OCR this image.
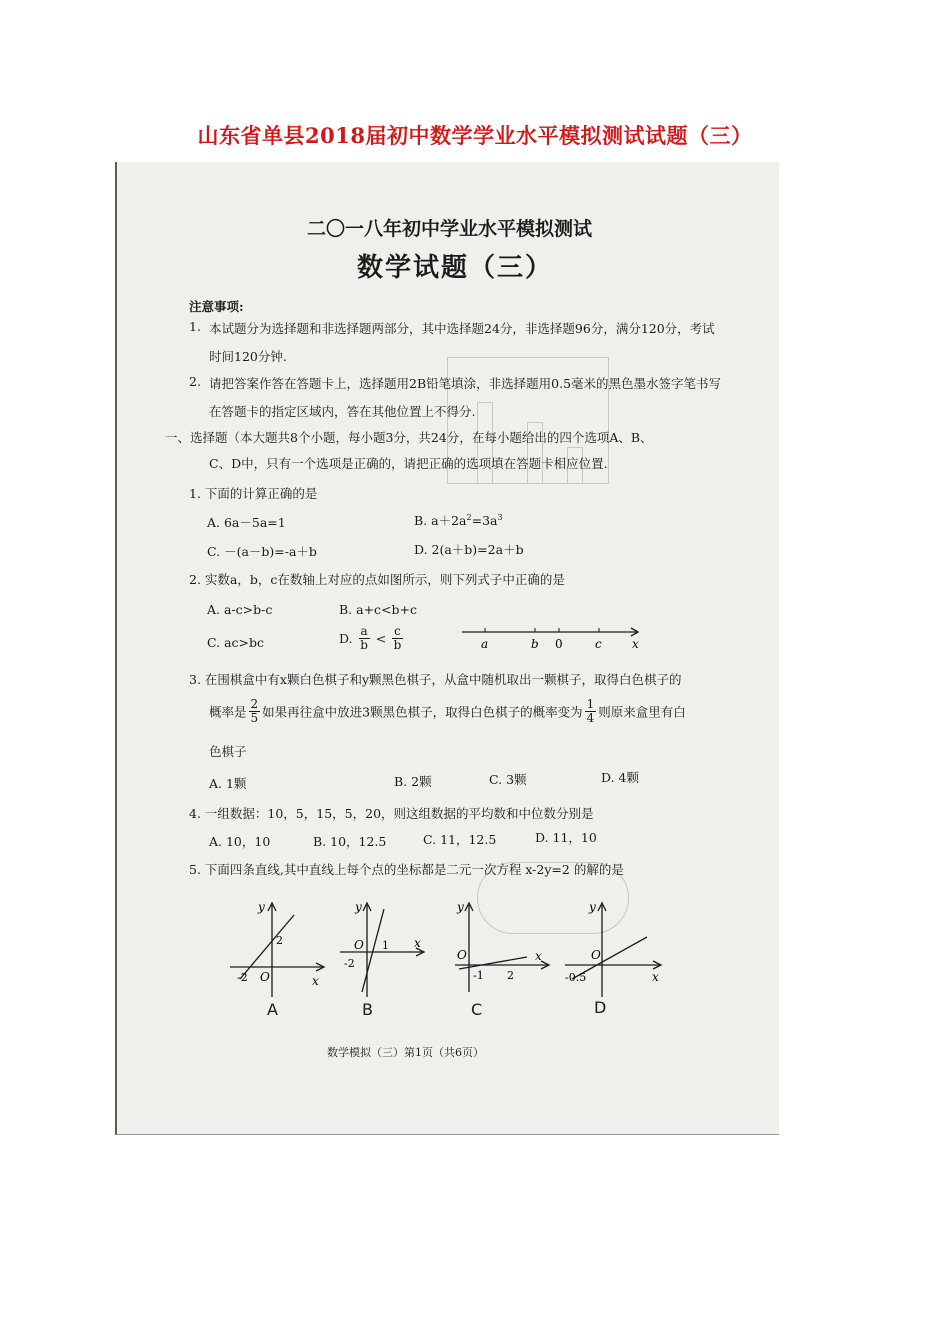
山东省单县2018届初中数学学业水平模拟测试试题（三）
二〇一八年初中学业水平模拟测试
数学试题（三）
注意事项:
1. 本试题分为选择题和非选择题两部分，其中选择题24分，非选择题96分，满分120分，考试
时间120分钟.
2. 请把答案作答在答题卡上，选择题用2B铅笔填涂，非选择题用0.5毫米的黑色墨水签字笔书写
在答题卡的指定区域内，答在其他位置上不得分.
一、选择题（本大题共8个小题，每小题3分，共24分，在每小题给出的四个选项A、B、
C、D中，只有一个选项是正确的，请把正确的选项填在答题卡相应位置.
1. 下面的计算正确的是
A. 6a－5a=1	B. $a+2a^2=3a^3$
C. －(a－b)=-a＋b	D. 2(a＋b)=2a＋b
2. 实数a，b，c在数轴上对应的点如图所示，则下列式子中正确的是
A. a-c>b-c	B. a+c<b+c
C. ac>bc	D. $\frac{a}{b} < \frac{c}{b}$	a	b 0	c	x
3. 在围棋盒中有x颗白色棋子和y颗黑色棋子，从盒中随机取出一颗棋子，取得白色棋子的
概率是 $\frac{2}{5}$ 如果再往盒中放进3颗黑色棋子，取得白色棋子的概率变为 $\frac{1}{4}$ 则原来盒里有白
色棋子
A. 1颗	B. 2颗	C. 3颗	D. 4颗
4. 一组数据：10，5，15，5，20，则这组数据的平均数和中位数分别是
A. 10，10	B. 10，12.5	C. 11，12.5	D. 11，10
5. 下面四条直线,其中直线上每个点的坐标都是二元一次方程 x-2y=2 的解的是
y
x
O
2
-2
A
y
x
O 1
-2
B
y
x
O
-1 2
C
y
x
O
-0.5
D
数学模拟（三）第1页（共6页）
